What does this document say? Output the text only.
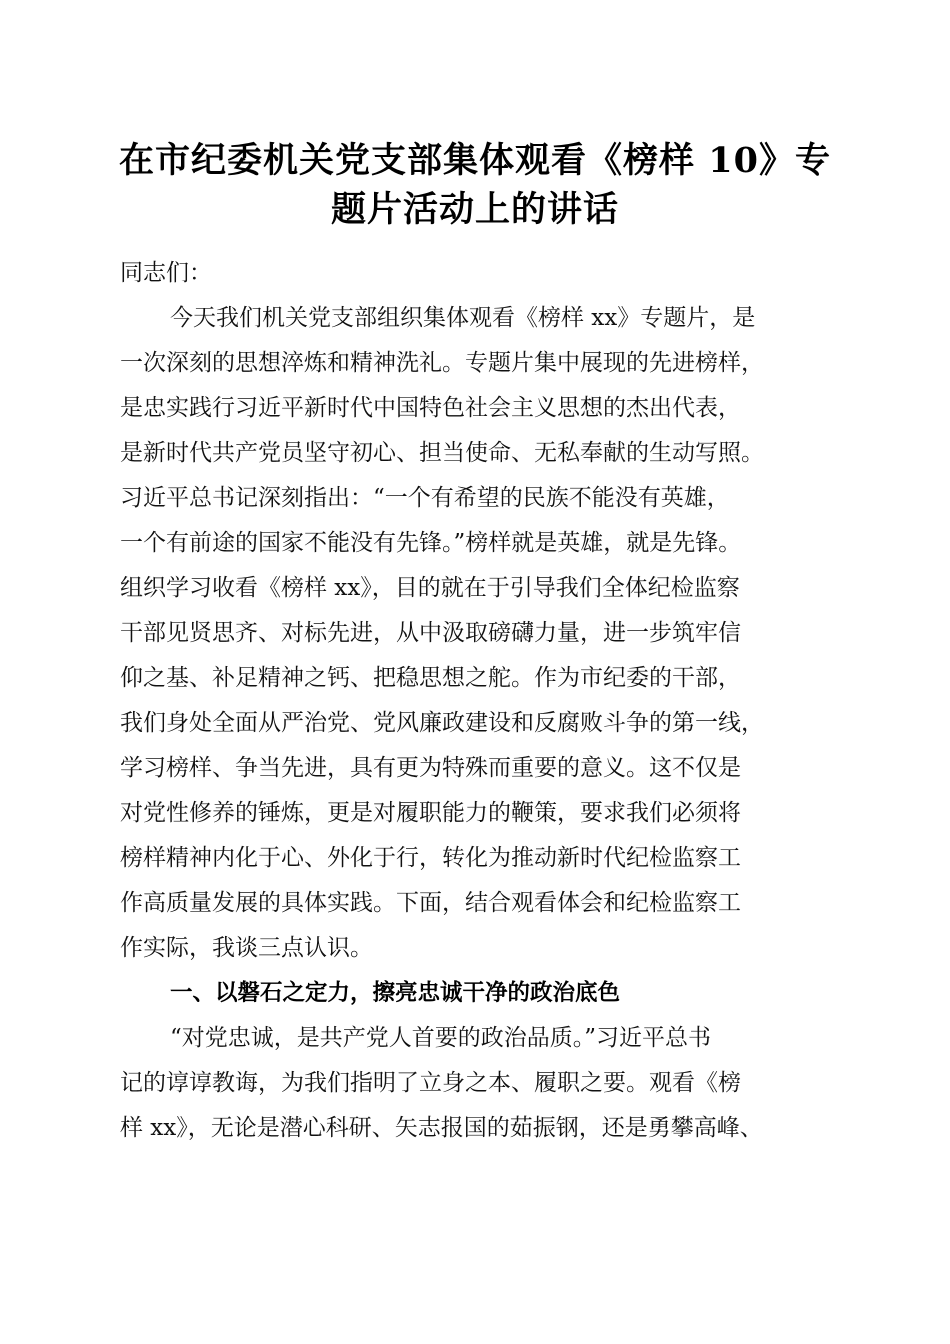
在市纪委机关党支部集体观看《榜样 10》专
题片活动上的讲话
同志们：
今天我们机关党支部组织集体观看《榜样 xx》专题片，是
一次深刻的思想淬炼和精神洗礼。专题片集中展现的先进榜样，
是忠实践行习近平新时代中国特色社会主义思想的杰出代表，
是新时代共产党员坚守初心、担当使命、无私奉献的生动写照。
习近平总书记深刻指出：“一个有希望的民族不能没有英雄，
一个有前途的国家不能没有先锋。”榜样就是英雄，就是先锋。
组织学习收看《榜样 xx》，目的就在于引导我们全体纪检监察
干部见贤思齐、对标先进，从中汲取磅礴力量，进一步筑牢信
仰之基、补足精神之钙、把稳思想之舵。作为市纪委的干部，
我们身处全面从严治党、党风廉政建设和反腐败斗争的第一线，
学习榜样、争当先进，具有更为特殊而重要的意义。这不仅是
对党性修养的锤炼，更是对履职能力的鞭策，要求我们必须将
榜样精神内化于心、外化于行，转化为推动新时代纪检监察工
作高质量发展的具体实践。下面，结合观看体会和纪检监察工
作实际，我谈三点认识。
一、以磐石之定力，擦亮忠诚干净的政治底色
“对党忠诚，是共产党人首要的政治品质。”习近平总书
记的谆谆教诲，为我们指明了立身之本、履职之要。观看《榜
样 xx》，无论是潜心科研、矢志报国的茹振钢，还是勇攀高峰、
